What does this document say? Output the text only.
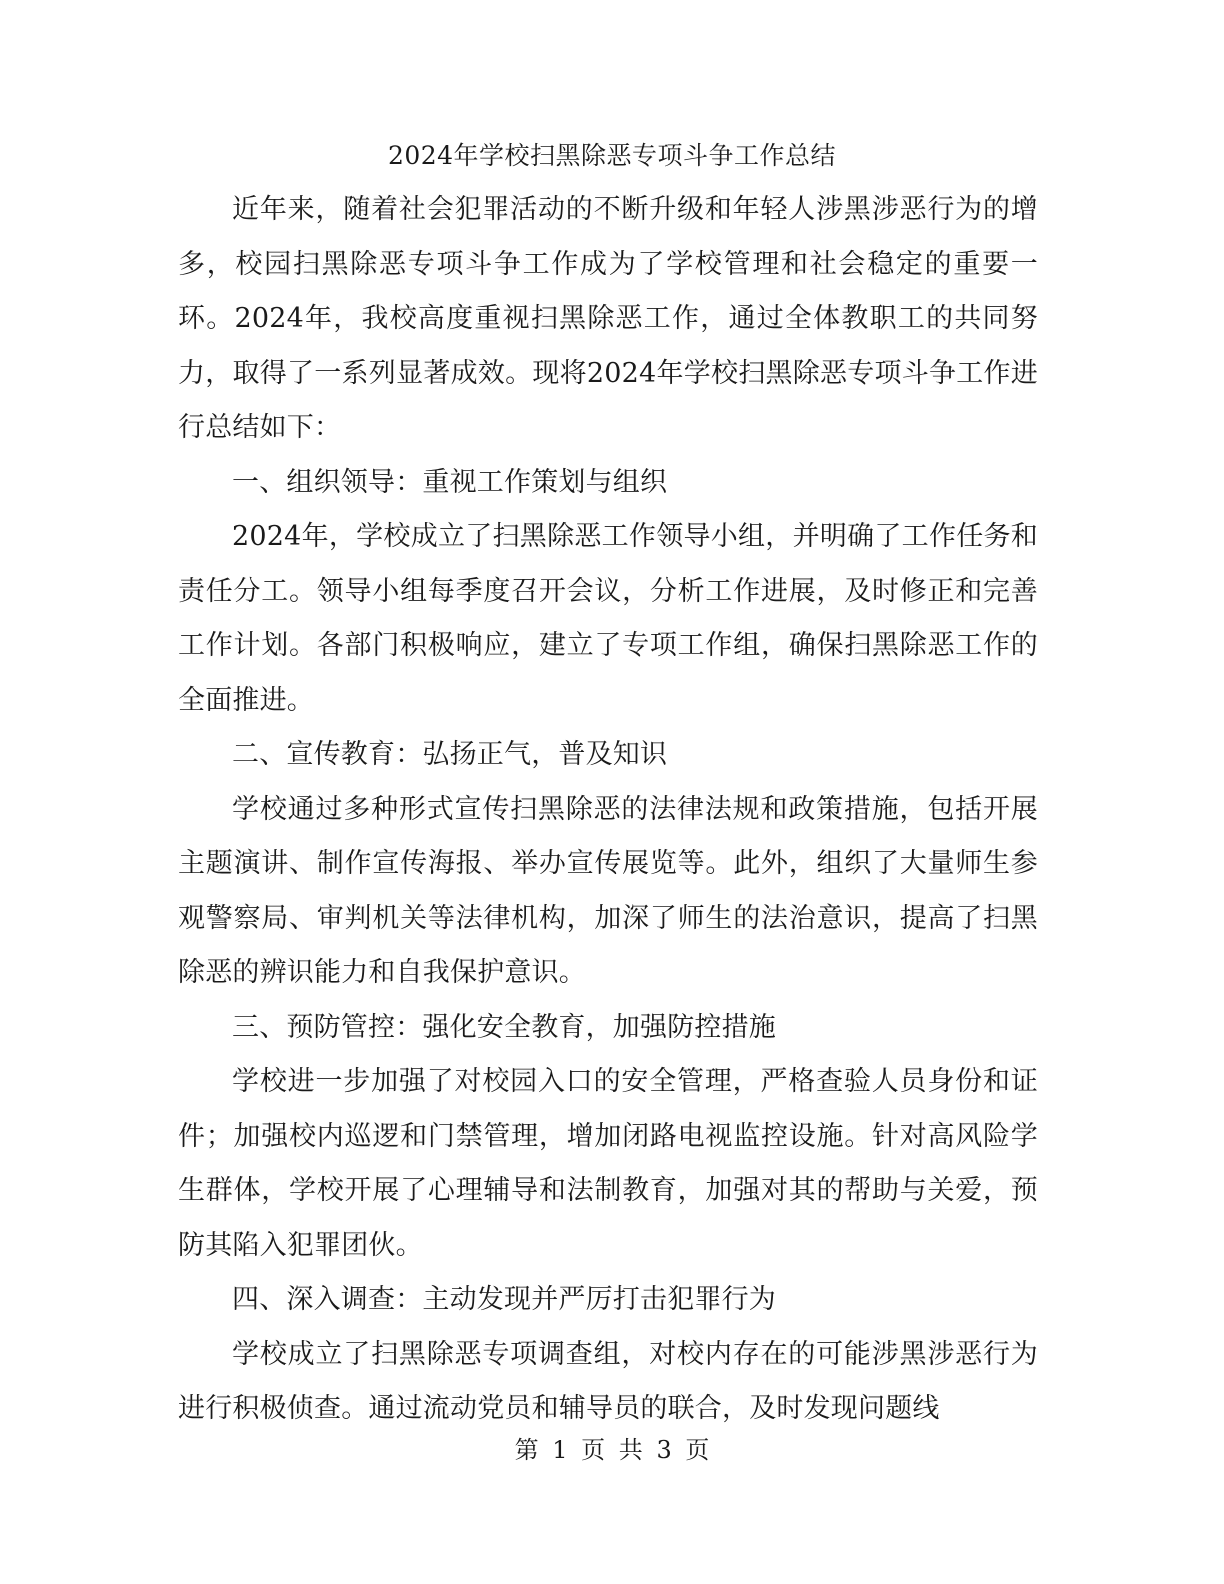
2024年学校扫黑除恶专项斗争工作总结

近年来，随着社会犯罪活动的不断升级和年轻人涉黑涉恶行为的增多，校园扫黑除恶专项斗争工作成为了学校管理和社会稳定的重要一环。2024年，我校高度重视扫黑除恶工作，通过全体教职工的共同努力，取得了一系列显著成效。现将2024年学校扫黑除恶专项斗争工作进行总结如下：

一、组织领导：重视工作策划与组织

2024年，学校成立了扫黑除恶工作领导小组，并明确了工作任务和责任分工。领导小组每季度召开会议，分析工作进展，及时修正和完善工作计划。各部门积极响应，建立了专项工作组，确保扫黑除恶工作的全面推进。

二、宣传教育：弘扬正气，普及知识

学校通过多种形式宣传扫黑除恶的法律法规和政策措施，包括开展主题演讲、制作宣传海报、举办宣传展览等。此外，组织了大量师生参观警察局、审判机关等法律机构，加深了师生的法治意识，提高了扫黑除恶的辨识能力和自我保护意识。

三、预防管控：强化安全教育，加强防控措施

学校进一步加强了对校园入口的安全管理，严格查验人员身份和证件；加强校内巡逻和门禁管理，增加闭路电视监控设施。针对高风险学生群体，学校开展了心理辅导和法制教育，加强对其的帮助与关爱，预防其陷入犯罪团伙。

四、深入调查：主动发现并严厉打击犯罪行为

学校成立了扫黑除恶专项调查组，对校内存在的可能涉黑涉恶行为进行积极侦查。通过流动党员和辅导员的联合，及时发现问题线

第 1 页 共 3 页
